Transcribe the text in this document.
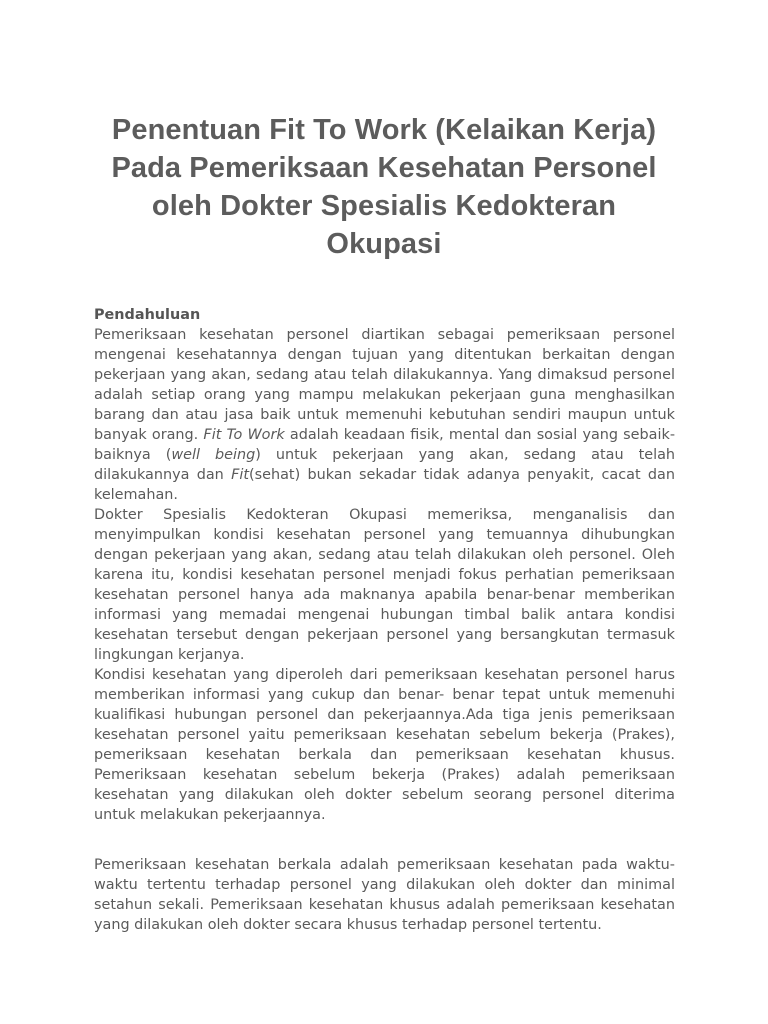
Penentuan Fit To Work (Kelaikan Kerja) Pada Pemeriksaan Kesehatan Personel oleh Dokter Spesialis Kedokteran Okupasi

Pendahuluan

Pemeriksaan kesehatan personel diartikan sebagai pemeriksaan personel mengenai kesehatannya dengan tujuan yang ditentukan berkaitan dengan pekerjaan yang akan, sedang atau telah dilakukannya. Yang dimaksud personel adalah setiap orang yang mampu melakukan pekerjaan guna menghasilkan barang dan atau jasa baik untuk memenuhi kebutuhan sendiri maupun untuk banyak orang. Fit To Work adalah keadaan fisik, mental dan sosial yang sebaik-baiknya (well being) untuk pekerjaan yang akan, sedang atau telah dilakukannya dan Fit(sehat) bukan sekadar tidak adanya penyakit, cacat dan kelemahan.

Dokter Spesialis Kedokteran Okupasi memeriksa, menganalisis dan menyimpulkan kondisi kesehatan personel yang temuannya dihubungkan dengan pekerjaan yang akan, sedang atau telah dilakukan oleh personel. Oleh karena itu, kondisi kesehatan personel menjadi fokus perhatian pemeriksaan kesehatan personel hanya ada maknanya apabila benar-benar memberikan informasi yang memadai mengenai hubungan timbal balik antara kondisi kesehatan tersebut dengan pekerjaan personel yang bersangkutan termasuk lingkungan kerjanya.

Kondisi kesehatan yang diperoleh dari pemeriksaan kesehatan personel harus memberikan informasi yang cukup dan benar- benar tepat untuk memenuhi kualifikasi hubungan personel dan pekerjaannya.Ada tiga jenis pemeriksaan kesehatan personel yaitu pemeriksaan kesehatan sebelum bekerja (Prakes), pemeriksaan kesehatan berkala dan pemeriksaan kesehatan khusus. Pemeriksaan kesehatan sebelum bekerja (Prakes) adalah pemeriksaan kesehatan yang dilakukan oleh dokter sebelum seorang personel diterima untuk melakukan pekerjaannya.

Pemeriksaan kesehatan berkala adalah pemeriksaan kesehatan pada waktu-waktu tertentu terhadap personel yang dilakukan oleh dokter dan minimal setahun sekali. Pemeriksaan kesehatan khusus adalah pemeriksaan kesehatan yang dilakukan oleh dokter secara khusus terhadap personel tertentu.
